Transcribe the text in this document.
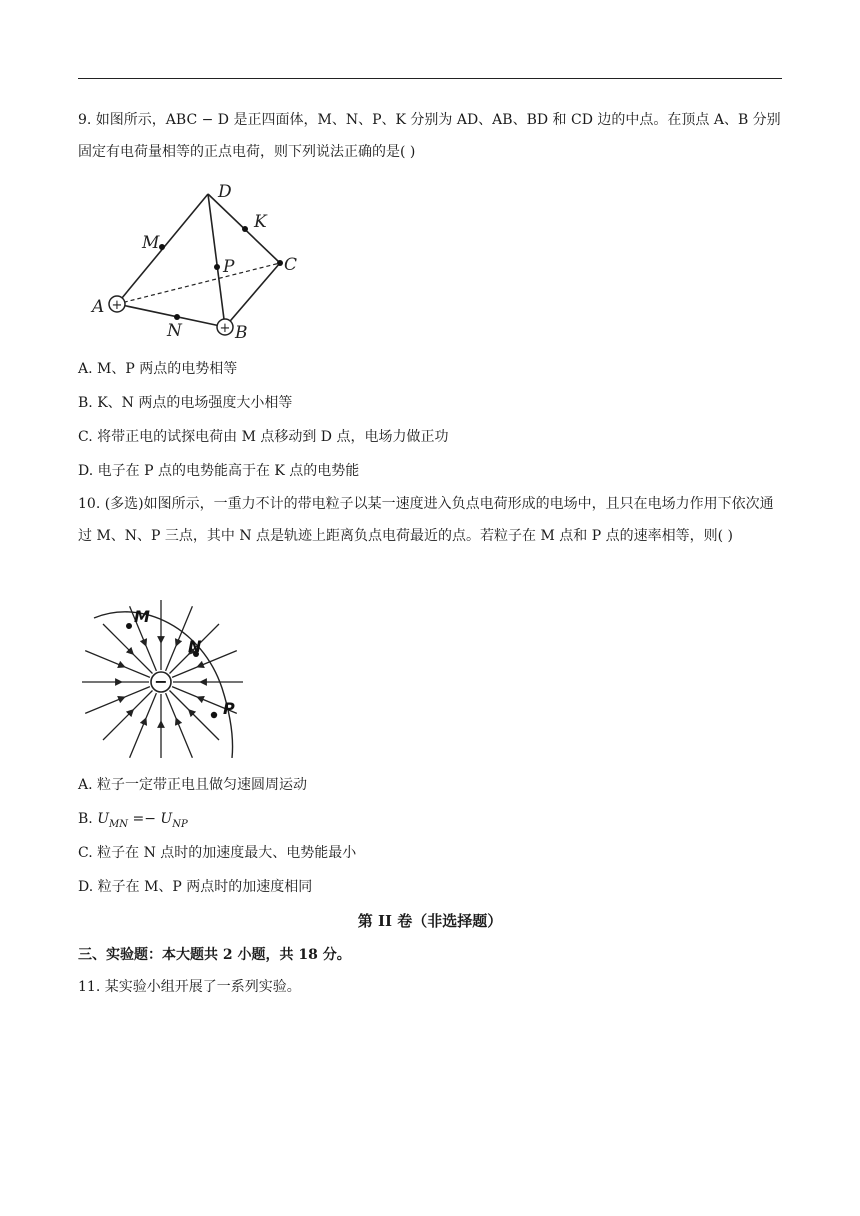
9. 如图所示，ABC − D 是正四面体，M、N、P、K 分别为 AD、AB、BD 和 CD 边的中点。在顶点 A、B 分别固定有电荷量相等的正点电荷，则下列说法正确的是( )
+
+
D
K
M
P	C
A
N	B
A. M、P 两点的电势相等
B. K、N 两点的电场强度大小相等
C. 将带正电的试探电荷由 M 点移动到 D 点，电场力做正功
D. 电子在 P 点的电势能高于在 K 点的电势能
10. (多选)如图所示，一重力不计的带电粒子以某一速度进入负点电荷形成的电场中，且只在电场力作用下依次通过 M、N、P 三点，其中 N 点是轨迹上距离负点电荷最近的点。若粒子在 M 点和 P 点的速率相等，则( )
−
M
N
P
A. 粒子一定带正电且做匀速圆周运动
B. $U_{MN} =- U_{NP}$
C. 粒子在 N 点时的加速度最大、电势能最小
D. 粒子在 M、P 两点时的加速度相同
第 II 卷（非选择题）
三、实验题：本大题共 2 小题，共 18 分。
11. 某实验小组开展了一系列实验。
